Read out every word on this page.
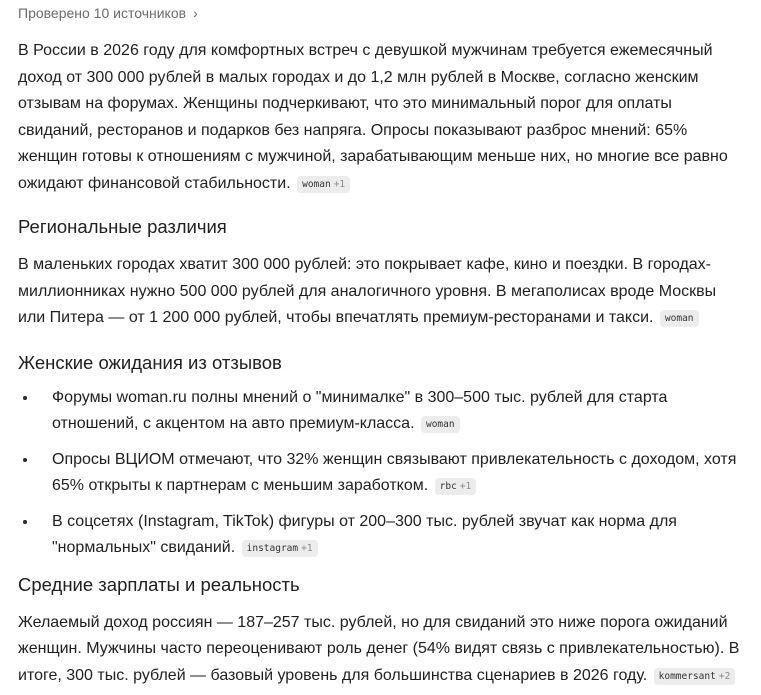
Проверено 10 источников ›

В России в 2026 году для комфортных встреч с девушкой мужчинам требуется ежемесячный доход от 300 000 рублей в малых городах и до 1,2 млн рублей в Москве, согласно женским отзывам на форумах. Женщины подчеркивают, что это минимальный порог для оплаты свиданий, ресторанов и подарков без напряга. Опросы показывают разброс мнений: 65% женщин готовы к отношениям с мужчиной, зарабатывающим меньше них, но многие все равно ожидают финансовой стабильности. woman +1

Региональные различия

В маленьких городах хватит 300 000 рублей: это покрывает кафе, кино и поездки. В городах-миллионниках нужно 500 000 рублей для аналогичного уровня. В мегаполисах вроде Москвы или Питера — от 1 200 000 рублей, чтобы впечатлять премиум-ресторанами и такси. woman

Женские ожидания из отзывов
• Форумы woman.ru полны мнений о "минималке" в 300–500 тыс. рублей для старта отношений, с акцентом на авто премиум-класса. woman
• Опросы ВЦИОМ отмечают, что 32% женщин связывают привлекательность с доходом, хотя 65% открыты к партнерам с меньшим заработком. rbc +1
• В соцсетях (Instagram, TikTok) фигуры от 200–300 тыс. рублей звучат как норма для "нормальных" свиданий. instagram +1
Средние зарплаты и реальность

Желаемый доход россиян — 187–257 тыс. рублей, но для свиданий это ниже порога ожиданий женщин. Мужчины часто переоценивают роль денег (54% видят связь с привлекательностью). В итоге, 300 тыс. рублей — базовый уровень для большинства сценариев в 2026 году. kommersant +2
